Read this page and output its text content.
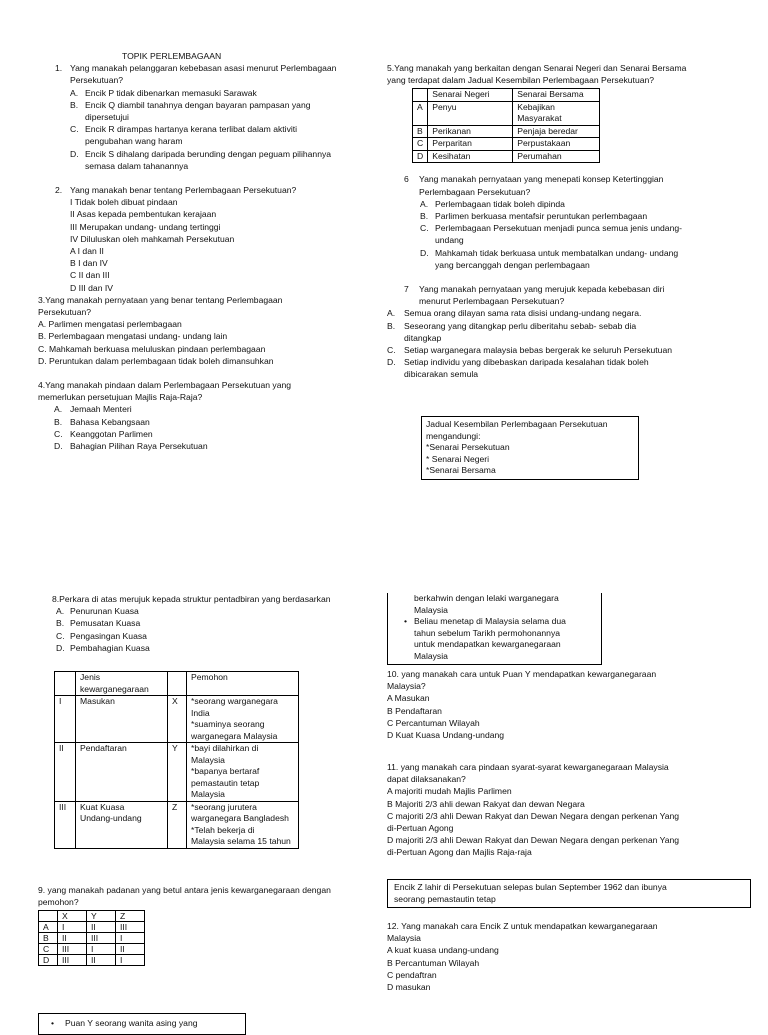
TOPIK PERLEMBAGAAN
1. Yang manakah pelanggaran kebebasan asasi menurut Perlembagaan
Persekutuan?
A. Encik P tidak dibenarkan memasuki Sarawak
B. Encik Q diambil tanahnya dengan bayaran pampasan yang
dipersetujui
C. Encik R dirampas hartanya kerana terlibat dalam aktiviti
pengubahan wang haram
D. Encik S dihalang daripada berunding dengan peguam pilihannya
semasa dalam tahanannya
2. Yang manakah benar tentang Perlembagaan Persekutuan?
I Tidak boleh dibuat pindaan
II Asas kepada pembentukan kerajaan
III Merupakan undang- undang tertinggi
IV Diluluskan oleh mahkamah Persekutuan
A I dan II
B I dan IV
C II dan III
D III dan IV
3.Yang manakah pernyataan yang benar tentang Perlembagaan
Persekutuan?
A. Parlimen mengatasi perlembagaan
B. Perlembagaan mengatasi undang- undang lain
C. Mahkamah berkuasa meluluskan pindaan perlembagaan
D. Peruntukan dalam perlembagaan tidak boleh dimansuhkan
4.Yang manakah pindaan dalam Perlembagaan Persekutuan yang
memerlukan persetujuan Majlis Raja-Raja?
A. Jemaah Menteri
B. Bahasa Kebangsaan
C. Keanggotan Parlimen
D. Bahagian Pilihan Raya Persekutuan
5.Yang manakah yang berkaitan dengan Senarai Negeri dan Senarai Bersama
yang terdapat dalam Jadual Kesembilan Perlembagaan Persekutuan?
	Senarai Negeri	Senarai Bersama
A	Penyu	Kebajikan
Masyarakat
B	Perikanan	Penjaja beredar
C	Perparitan	Perpustakaan
D	Kesihatan	Perumahan
6 Yang manakah pernyataan yang menepati konsep Ketertinggian
Perlembagaan Persekutuan?
A. Perlembagaan tidak boleh dipinda
B. Parlimen berkuasa mentafsir peruntukan perlembagaan
C. Perlembagaan Persekutuan menjadi punca semua jenis undang-
undang
D. Mahkamah tidak berkuasa untuk membatalkan undang- undang
yang bercanggah dengan perlembagaan
7 Yang manakah pernyataan yang merujuk kepada kebebasan diri
menurut Perlembagaan Persekutuan?
A. Semua orang dilayan sama rata disisi undang-undang negara.
B. Seseorang yang ditangkap perlu diberitahu sebab- sebab dia
ditangkap
C. Setiap warganegara malaysia bebas bergerak ke seluruh Persekutuan
D. Setiap individu yang dibebaskan daripada kesalahan tidak boleh
dibicarakan semula
Jadual Kesembilan Perlembagaan Persekutuan
mengandungi:
*Senarai Persekutuan
* Senarai Negeri
*Senarai Bersama
8.Perkara di atas merujuk kepada struktur pentadbiran yang berdasarkan
A. Penurunan Kuasa
B. Pemusatan Kuasa
C. Pengasingan Kuasa
D. Pembahagian Kuasa
	Jenis
kewarganegaraan		Pemohon
I	Masukan	X	*seorang warganegara
India
*suaminya seorang
warganegara Malaysia
II	Pendaftaran	Y	*bayi dilahirkan di
Malaysia
*bapanya bertaraf
pemastautin tetap
Malaysia
III	Kuat Kuasa
Undang-undang	Z	*seorang jurutera
warganegara Bangladesh
*Telah bekerja di
Malaysia selama 15 tahun
9. yang manakah padanan yang betul antara jenis kewarganegaraan dengan
pemohon?
	X	Y	Z
A	I	II	III
B	II	III	I
C	III	I	II
D	III	II	I
• Puan Y seorang wanita asing yang
berkahwin dengan lelaki warganegara
Malaysia
• Beliau menetap di Malaysia selama dua
tahun sebelum Tarikh permohonannya
untuk mendapatkan kewarganegaraan
Malaysia
10. yang manakah cara untuk Puan Y mendapatkan kewarganegaraan
Malaysia?
A Masukan
B Pendaftaran
C Percantuman Wilayah
D Kuat Kuasa Undang-undang
11. yang manakah cara pindaan syarat-syarat kewarganegaraan Malaysia
dapat dilaksanakan?
A majoriti mudah Majlis Parlimen
B Majoriti 2/3 ahli dewan Rakyat dan dewan Negara
C majoriti 2/3 ahli Dewan Rakyat dan Dewan Negara dengan perkenan Yang
di-Pertuan Agong
D majoriti 2/3 ahli Dewan Rakyat dan Dewan Negara dengan perkenan Yang
di-Pertuan Agong dan Majlis Raja-raja
Encik Z lahir di Persekutuan selepas bulan September 1962 dan ibunya
seorang pemastautin tetap
12. Yang manakah cara Encik Z untuk mendapatkan kewarganegaraan
Malaysia
A kuat kuasa undang-undang
B Percantuman Wilayah
C pendaftran
D masukan
